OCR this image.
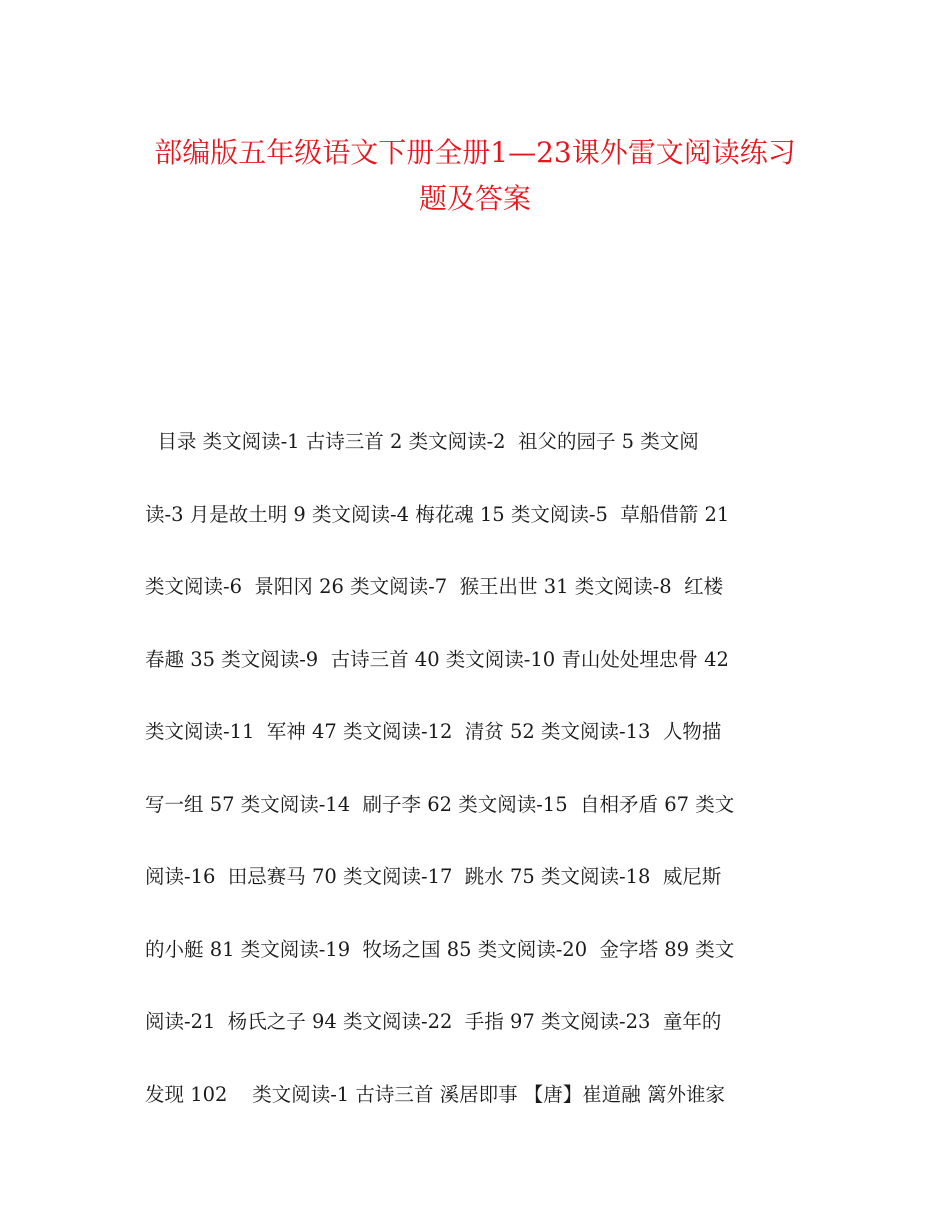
部编版五年级语文下册全册1—23课外雷文阅读练习
题及答案
目录 类文阅读-1 古诗三首 2 类文阅读-2  祖父的园子 5 类文阅
读-3 月是故土明 9 类文阅读-4 梅花魂 15 类文阅读-5  草船借箭 21
类文阅读-6  景阳冈 26 类文阅读-7  猴王出世 31 类文阅读-8  红楼
春趣 35 类文阅读-9  古诗三首 40 类文阅读-10 青山处处埋忠骨 42
类文阅读-11  军神 47 类文阅读-12  清贫 52 类文阅读-13  人物描
写一组 57 类文阅读-14  刷子李 62 类文阅读-15  自相矛盾 67 类文
阅读-16  田忌赛马 70 类文阅读-17  跳水 75 类文阅读-18  威尼斯
的小艇 81 类文阅读-19  牧场之国 85 类文阅读-20  金字塔 89 类文
阅读-21  杨氏之子 94 类文阅读-22  手指 97 类文阅读-23  童年的
发现 102    类文阅读-1 古诗三首 溪居即事 【唐】崔道融 篱外谁家
